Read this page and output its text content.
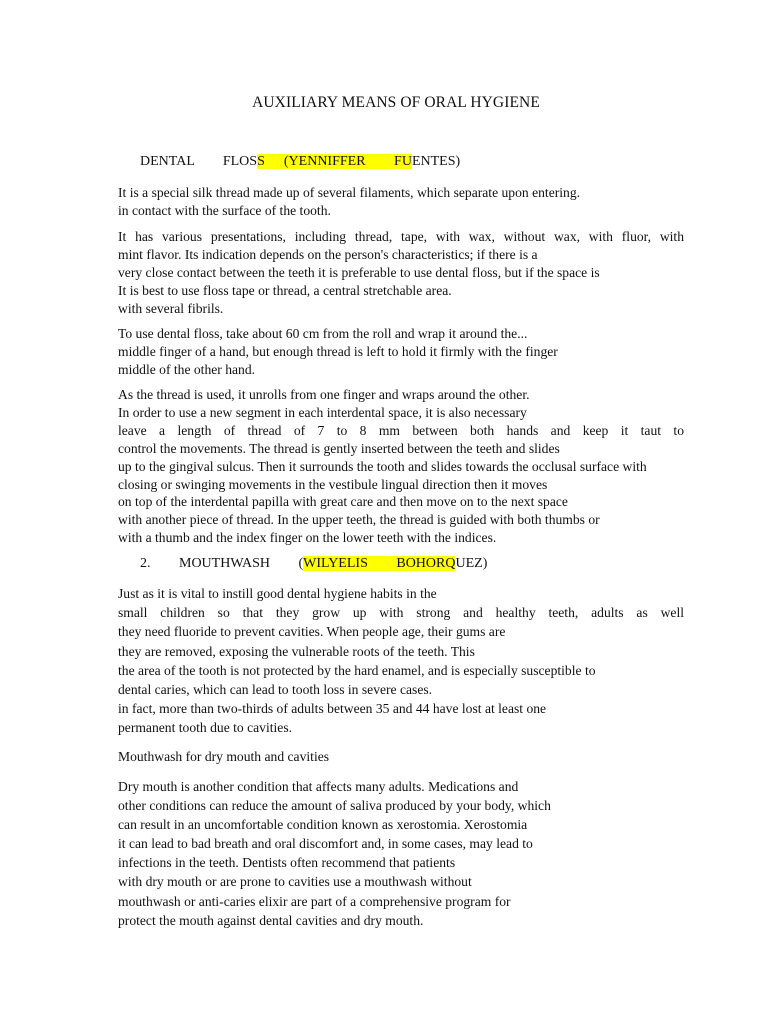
AUXILIARY MEANS OF ORAL HYGIENE
DENTAL   FLOSS  (YENNIFFER   FUENTES)
It is a special silk thread made up of several filaments, which separate upon entering.
in contact with the surface of the tooth.
It has various presentations, including thread, tape, with wax, without wax, with fluor, with
mint flavor. Its indication depends on the person's characteristics; if there is a
very close contact between the teeth it is preferable to use dental floss, but if the space is
It is best to use floss tape or thread, a central stretchable area.
with several fibrils.
To use dental floss, take about 60 cm from the roll and wrap it around the...
middle finger of a hand, but enough thread is left to hold it firmly with the finger
middle of the other hand.
As the thread is used, it unrolls from one finger and wraps around the other.
In order to use a new segment in each interdental space, it is also necessary
leave a length of thread of 7 to 8 mm between both hands and keep it taut to
control the movements. The thread is gently inserted between the teeth and slides
up to the gingival sulcus. Then it surrounds the tooth and slides towards the occlusal surface with
closing or swinging movements in the vestibule lingual direction then it moves
on top of the interdental papilla with great care and then move on to the next space
with another piece of thread. In the upper teeth, the thread is guided with both thumbs or
with a thumb and the index finger on the lower teeth with the indices.
2. MOUTHWASH   (WILYELIS   BOHORQUEZ)
Just as it is vital to instill good dental hygiene habits in the
small children so that they grow up with strong and healthy teeth, adults as well
they need fluoride to prevent cavities. When people age, their gums are
they are removed, exposing the vulnerable roots of the teeth. This
the area of the tooth is not protected by the hard enamel, and is especially susceptible to
dental caries, which can lead to tooth loss in severe cases.
in fact, more than two-thirds of adults between 35 and 44 have lost at least one
permanent tooth due to cavities.
Mouthwash for dry mouth and cavities
Dry mouth is another condition that affects many adults. Medications and
other conditions can reduce the amount of saliva produced by your body, which
can result in an uncomfortable condition known as xerostomia. Xerostomia
it can lead to bad breath and oral discomfort and, in some cases, may lead to
infections in the teeth. Dentists often recommend that patients
with dry mouth or are prone to cavities use a mouthwash without
mouthwash or anti-caries elixir are part of a comprehensive program for
protect the mouth against dental cavities and dry mouth.
